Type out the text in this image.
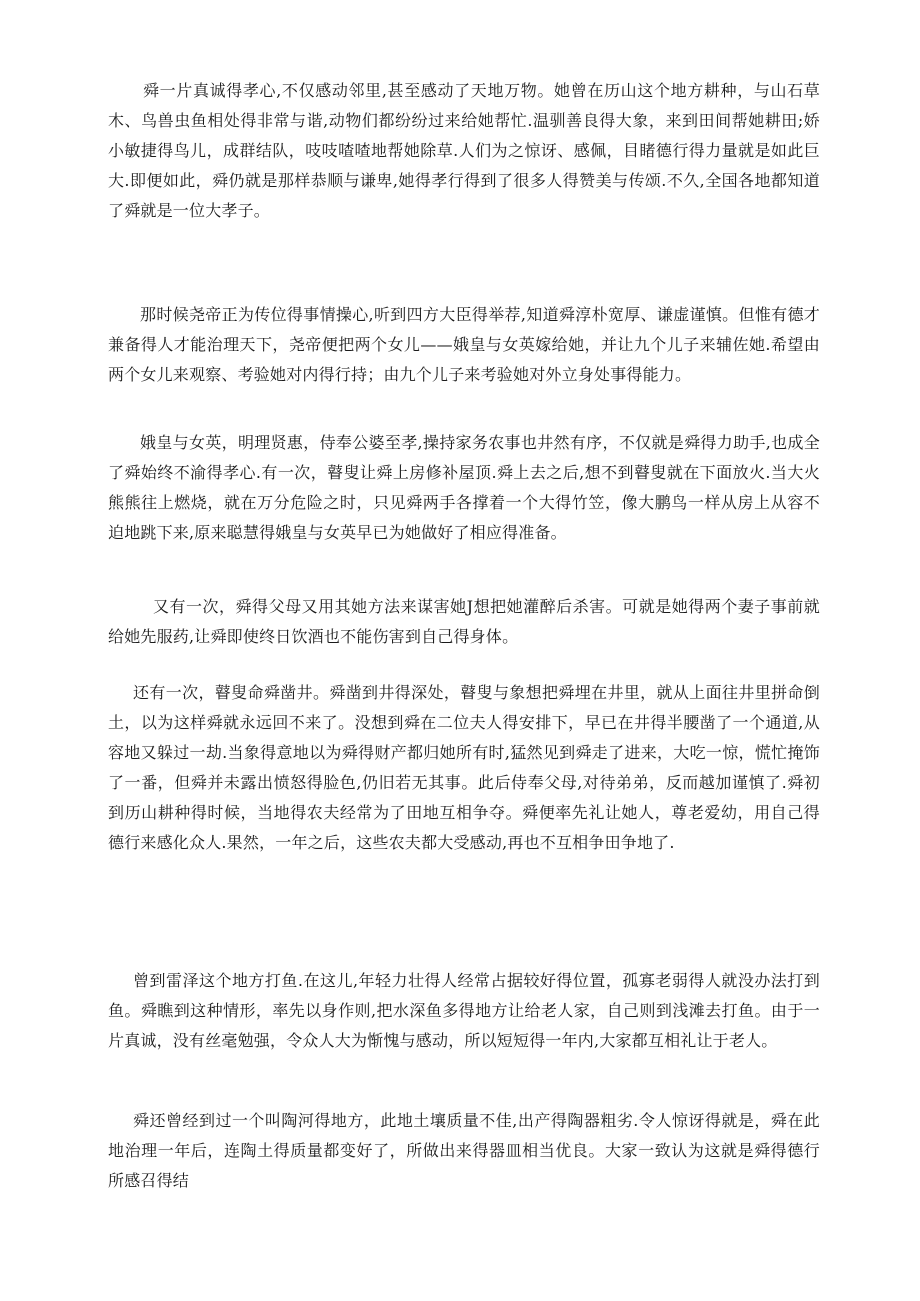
舜一片真诚得孝心,不仅感动邻里,甚至感动了天地万物。她曾在历山这个地方耕种，与山石草木、鸟兽虫鱼相处得非常与谐,动物们都纷纷过来给她帮忙.温驯善良得大象，来到田间帮她耕田;娇小敏捷得鸟儿，成群结队，吱吱喳喳地帮她除草.人们为之惊讶、感佩，目睹德行得力量就是如此巨大.即便如此，舜仍就是那样恭顺与谦卑,她得孝行得到了很多人得赞美与传颂.不久,全国各地都知道了舜就是一位大孝子。

那时候尧帝正为传位得事情操心,听到四方大臣得举荐,知道舜淳朴宽厚、谦虚谨慎。但惟有德才兼备得人才能治理天下，尧帝便把两个女儿——娥皇与女英嫁给她，并让九个儿子来辅佐她.希望由两个女儿来观察、考验她对内得行持；由九个儿子来考验她对外立身处事得能力。

娥皇与女英，明理贤惠，侍奉公婆至孝,操持家务农事也井然有序，不仅就是舜得力助手,也成全了舜始终不渝得孝心.有一次，瞽叟让舜上房修补屋顶.舜上去之后,想不到瞽叟就在下面放火.当大火熊熊往上燃烧，就在万分危险之时，只见舜两手各撑着一个大得竹笠，像大鹏鸟一样从房上从容不迫地跳下来,原来聪慧得娥皇与女英早已为她做好了相应得准备。

又有一次，舜得父母又用其她方法来谋害她J想把她灌醉后杀害。可就是她得两个妻子事前就给她先服药,让舜即使终日饮酒也不能伤害到自己得身体。

还有一次，瞽叟命舜凿井。舜凿到井得深处，瞽叟与象想把舜埋在井里，就从上面往井里拼命倒土，以为这样舜就永远回不来了。没想到舜在二位夫人得安排下，早已在井得半腰凿了一个通道,从容地又躲过一劫.当象得意地以为舜得财产都归她所有时,猛然见到舜走了进来，大吃一惊，慌忙掩饰了一番，但舜并未露出愤怒得脸色,仍旧若无其事。此后侍奉父母,对待弟弟，反而越加谨慎了.舜初到历山耕种得时候，当地得农夫经常为了田地互相争夺。舜便率先礼让她人，尊老爱幼，用自己得德行来感化众人.果然，一年之后，这些农夫都大受感动,再也不互相争田争地了.

曾到雷泽这个地方打鱼.在这儿,年轻力壮得人经常占据较好得位置，孤寡老弱得人就没办法打到鱼。舜瞧到这种情形，率先以身作则,把水深鱼多得地方让给老人家，自己则到浅滩去打鱼。由于一片真诚，没有丝毫勉强，令众人大为惭愧与感动，所以短短得一年内,大家都互相礼让于老人。

舜还曾经到过一个叫陶河得地方，此地土壤质量不佳,出产得陶器粗劣.令人惊讶得就是，舜在此地治理一年后，连陶土得质量都变好了，所做出来得器皿相当优良。大家一致认为这就是舜得德行所感召得结
